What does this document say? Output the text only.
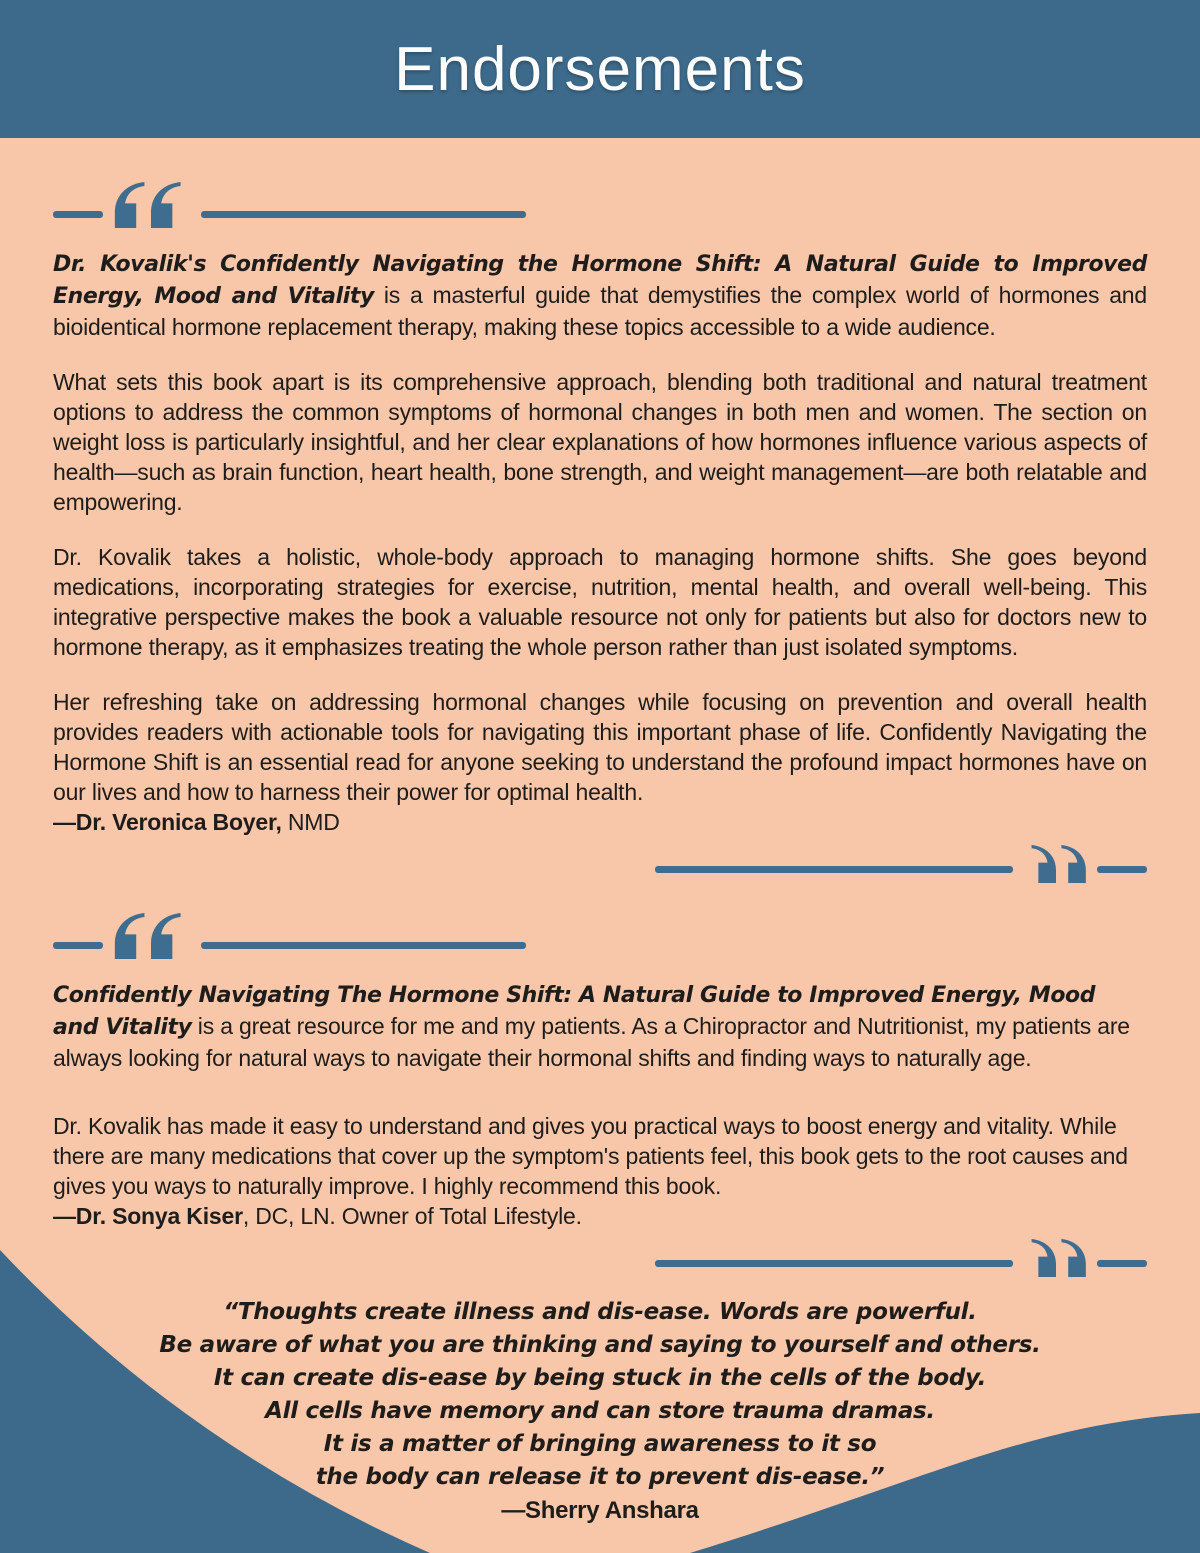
Endorsements

Dr. Kovalik's Confidently Navigating the Hormone Shift: A Natural Guide to Improved Energy, Mood and Vitality is a masterful guide that demystifies the complex world of hormones and bioidentical hormone replacement therapy, making these topics accessible to a wide audience.

What sets this book apart is its comprehensive approach, blending both traditional and natural treatment options to address the common symptoms of hormonal changes in both men and women. The section on weight loss is particularly insightful, and her clear explanations of how hormones influence various aspects of health—such as brain function, heart health, bone strength, and weight management—are both relatable and empowering.

Dr. Kovalik takes a holistic, whole-body approach to managing hormone shifts. She goes beyond medications, incorporating strategies for exercise, nutrition, mental health, and overall well-being. This integrative perspective makes the book a valuable resource not only for patients but also for doctors new to hormone therapy, as it emphasizes treating the whole person rather than just isolated symptoms.

Her refreshing take on addressing hormonal changes while focusing on prevention and overall health provides readers with actionable tools for navigating this important phase of life. Confidently Navigating the Hormone Shift is an essential read for anyone seeking to understand the profound impact hormones have on our lives and how to harness their power for optimal health.

—Dr. Veronica Boyer, NMD

Confidently Navigating The Hormone Shift: A Natural Guide to Improved Energy, Mood and Vitality is a great resource for me and my patients. As a Chiropractor and Nutritionist, my patients are always looking for natural ways to navigate their hormonal shifts and finding ways to naturally age.

Dr. Kovalik has made it easy to understand and gives you practical ways to boost energy and vitality. While there are many medications that cover up the symptom's patients feel, this book gets to the root causes and gives you ways to naturally improve. I highly recommend this book.

—Dr. Sonya Kiser, DC, LN. Owner of Total Lifestyle.

“Thoughts create illness and dis-ease. Words are powerful.
Be aware of what you are thinking and saying to yourself and others.
It can create dis-ease by being stuck in the cells of the body.
All cells have memory and can store trauma dramas.
It is a matter of bringing awareness to it so
the body can release it to prevent dis-ease.”
—Sherry Anshara
